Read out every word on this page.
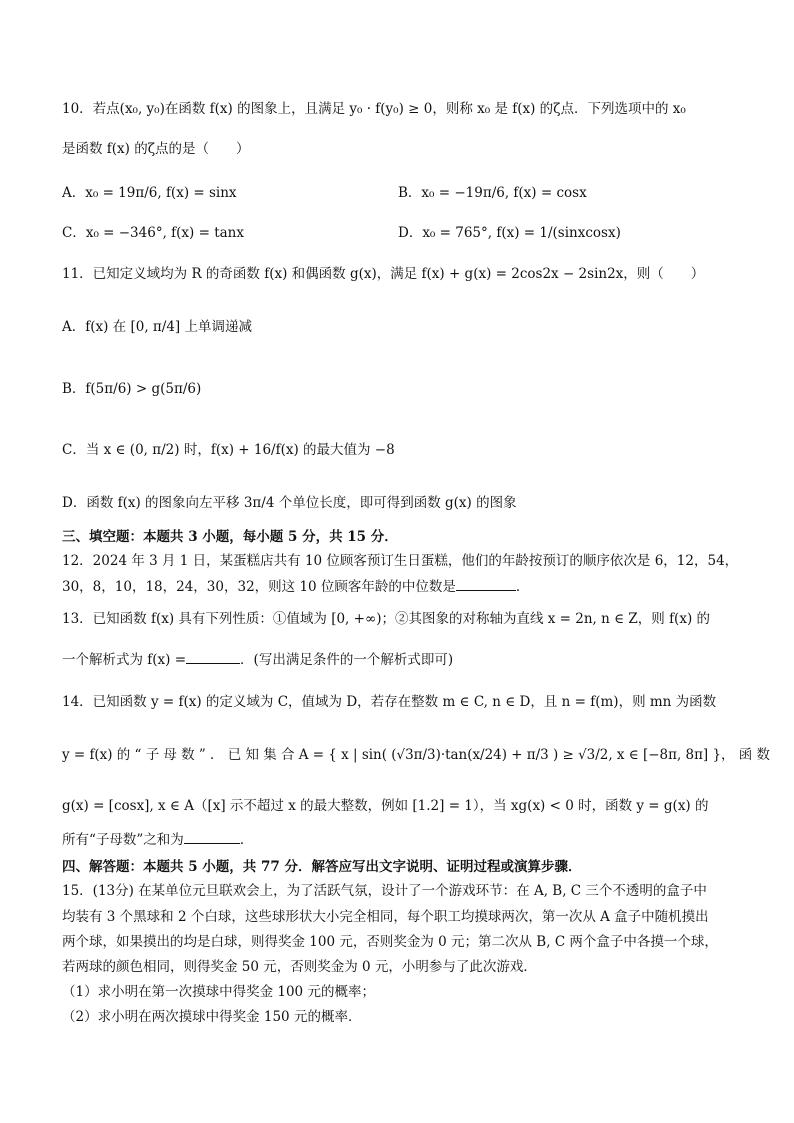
10．若点(x₀, y₀)在函数 f(x) 的图象上，且满足 y₀ · f(y₀) ≥ 0，则称 x₀ 是 f(x) 的ζ点．下列选项中的 x₀
是函数 f(x) 的ζ点的是（　　）
A．x₀ = 19π/6, f(x) = sinx	B．x₀ = −19π/6, f(x) = cosx
C．x₀ = −346°, f(x) = tanx	D．x₀ = 765°, f(x) = 1/(sinxcosx)
11．已知定义域均为 R 的奇函数 f(x) 和偶函数 g(x)，满足 f(x) + g(x) = 2cos2x − 2sin2x，则（　　）
A．f(x) 在 [0, π/4] 上单调递减
B．f(5π/6) > g(5π/6)
C．当 x ∈ (0, π/2) 时，f(x) + 16/f(x) 的最大值为 −8
D．函数 f(x) 的图象向左平移 3π/4 个单位长度，即可得到函数 g(x) 的图象
三、填空题：本题共 3 小题，每小题 5 分，共 15 分．
12．2024 年 3 月 1 日，某蛋糕店共有 10 位顾客预订生日蛋糕，他们的年龄按预订的顺序依次是 6，12，54，
30，8，10，18，24，30，32，则这 10 位顾客年龄的中位数是	．
13．已知函数 f(x) 具有下列性质：①值域为 [0, +∞)；②其图象的对称轴为直线 x = 2n, n ∈ Z，则 f(x) 的
一个解析式为 f(x) =	．(写出满足条件的一个解析式即可)
14．已知函数 y = f(x) 的定义域为 C，值域为 D，若存在整数 m ∈ C, n ∈ D，且 n = f(m)，则 mn 为函数
y = f(x) 的 “ 子 母 数 ” ． 已 知 集 合 A = { x | sin( (√3π/3)·tan(x/24) + π/3 ) ≥ √3/2, x ∈ [−8π, 8π] }， 函 数
g(x) = [cosx], x ∈ A（[x] 示不超过 x 的最大整数，例如 [1.2] = 1），当 xg(x) < 0 时，函数 y = g(x) 的
所有“子母数”之和为	．
四、解答题：本题共 5 小题，共 77 分．解答应写出文字说明、证明过程或演算步骤．
15．(13分) 在某单位元旦联欢会上，为了活跃气氛，设计了一个游戏环节：在 A, B, C 三个不透明的盒子中
均装有 3 个黑球和 2 个白球，这些球形状大小完全相同，每个职工均摸球两次，第一次从 A 盒子中随机摸出
两个球，如果摸出的均是白球，则得奖金 100 元，否则奖金为 0 元；第二次从 B, C 两个盒子中各摸一个球，
若两球的颜色相同，则得奖金 50 元，否则奖金为 0 元，小明参与了此次游戏．
（1）求小明在第一次摸球中得奖金 100 元的概率；
（2）求小明在两次摸球中得奖金 150 元的概率．
